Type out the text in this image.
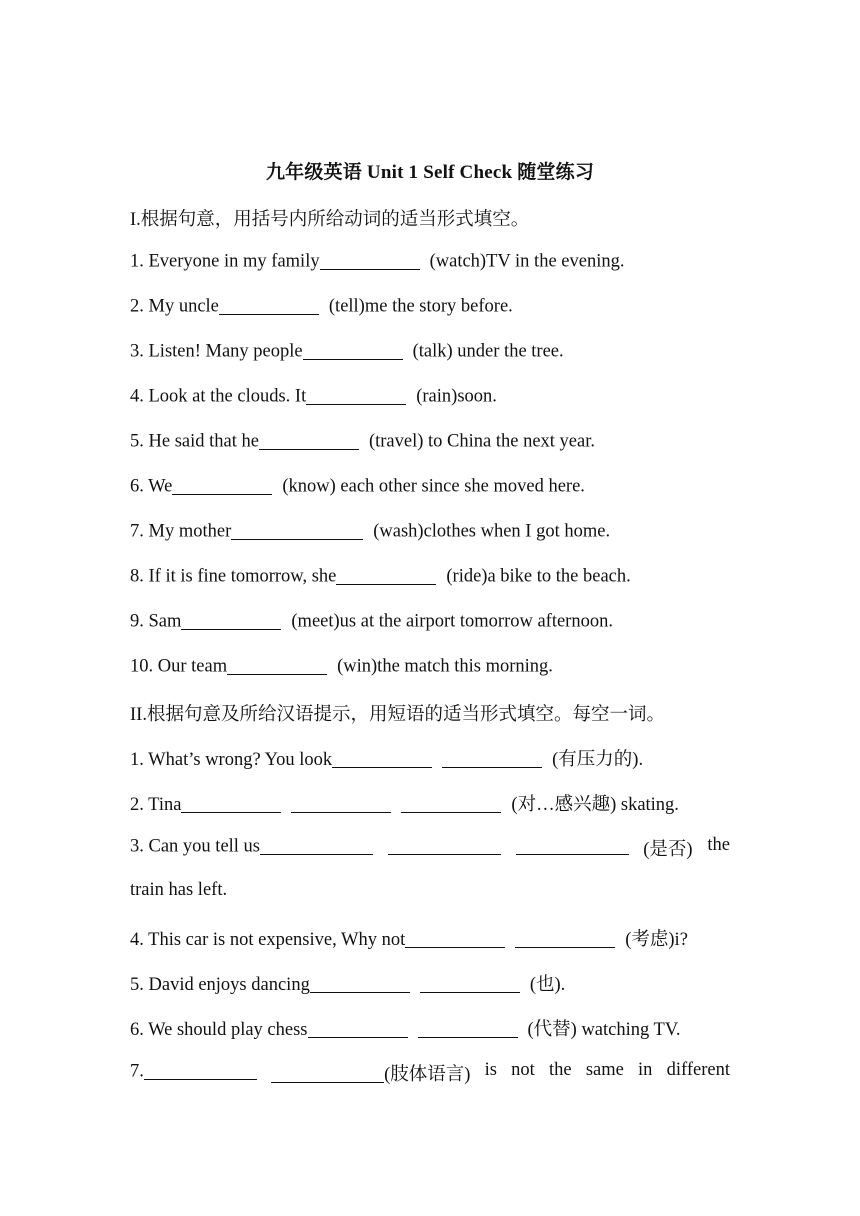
九年级英语 Unit 1 Self Check 随堂练习
I.根据句意，用括号内所给动词的适当形式填空。
1. Everyone in my family	(watch)TV in the evening.
2. My uncle	(tell)me the story before.
3. Listen! Many people	(talk) under the tree.
4. Look at the clouds. It	(rain)soon.
5. He said that he	(travel) to China the next year.
6. We	(know) each other since she moved here.
7. My mother	(wash)clothes when I got home.
8. If it is fine tomorrow, she	(ride)a bike to the beach.
9. Sam	(meet)us at the airport tomorrow afternoon.
10. Our team	(win)the match this morning.
II.根据句意及所给汉语提示，用短语的适当形式填空。每空一词。
1. What’s wrong? You look	(有压力的).
2. Tina	(对…感兴趣) skating.
3. Can you tell us	(是否) the
train has left.
4. This car is not expensive, Why not	(考虑)i?
5. David enjoys dancing	(也).
6. We should play chess	(代替) watching TV.
7.	(肢体语言) is not the same in different
